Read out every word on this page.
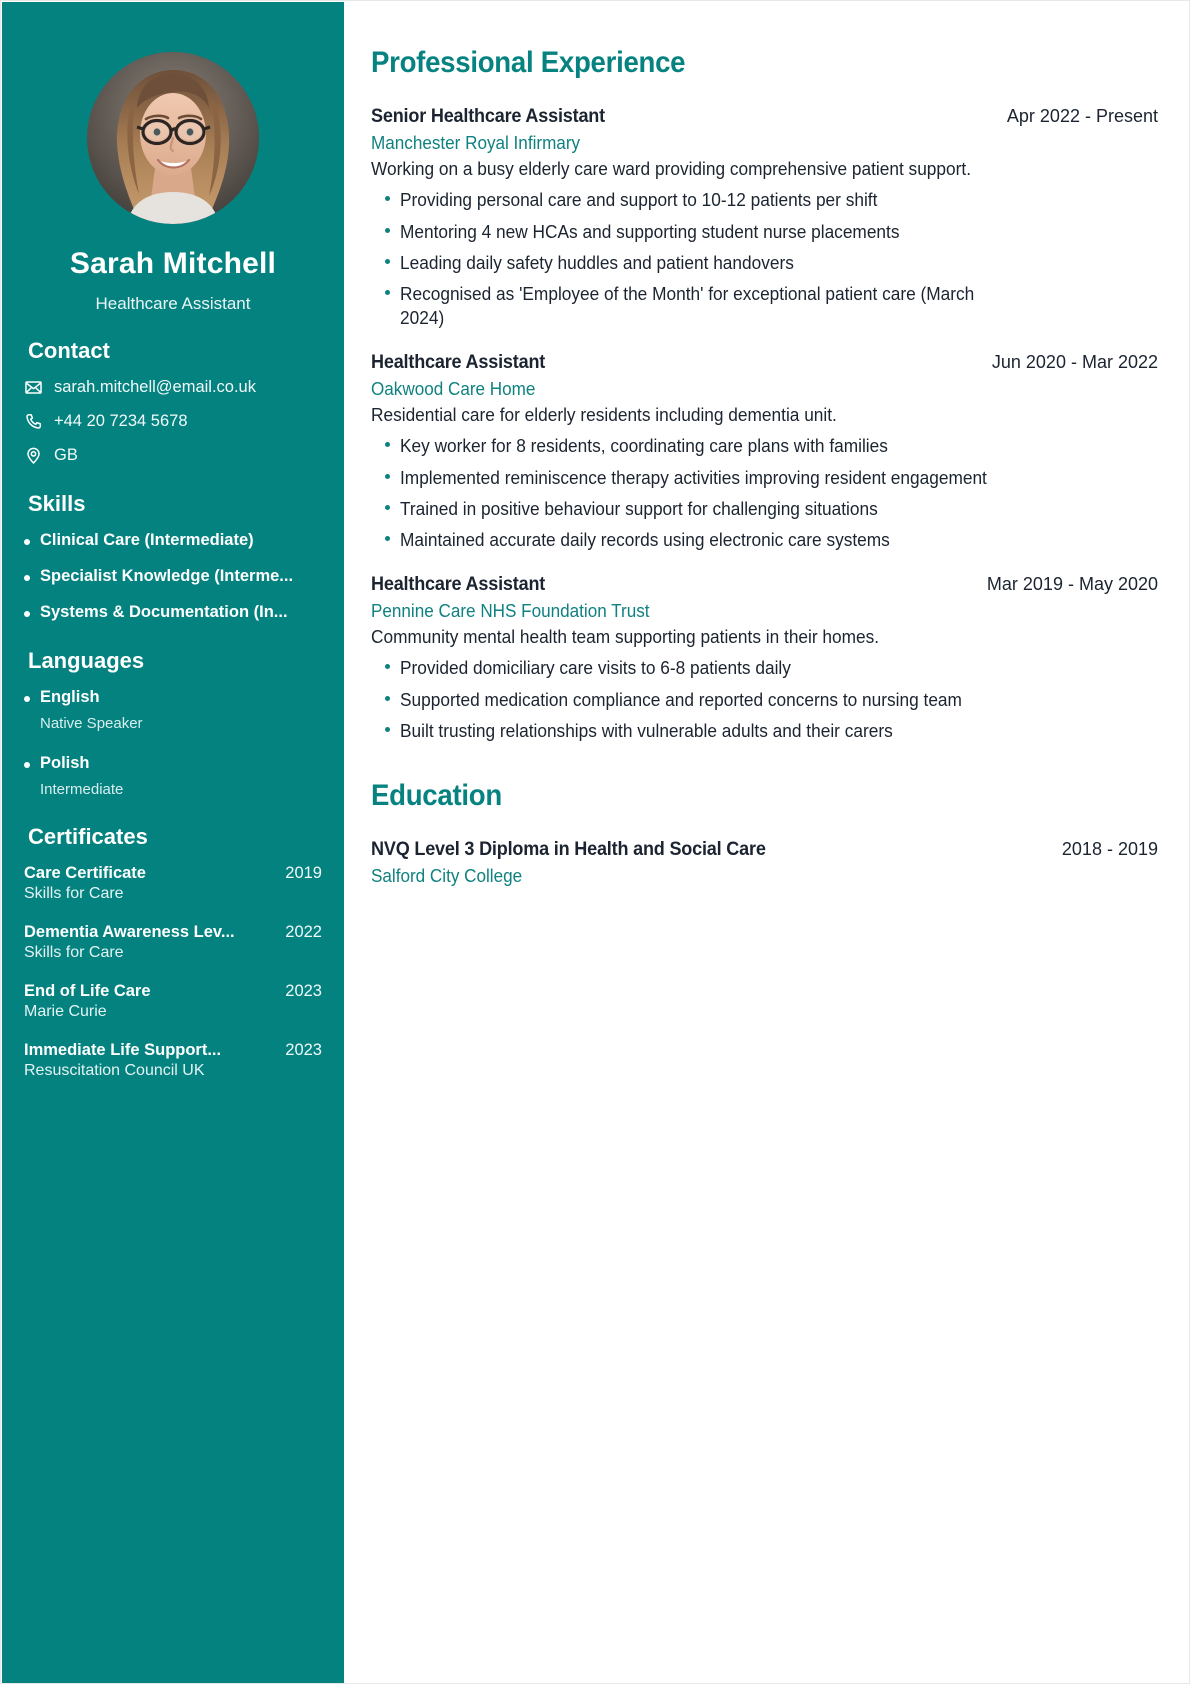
Sarah Mitchell
Healthcare Assistant
Contact
sarah.mitchell@email.co.uk
+44 20 7234 5678
GB
Skills
Clinical Care (Intermediate)
Specialist Knowledge (Interme...
Systems & Documentation (In...
Languages
English
Native Speaker
Polish
Intermediate
Certificates
Care Certificate	2019
Skills for Care
Dementia Awareness Lev...	2022
Skills for Care
End of Life Care	2023
Marie Curie
Immediate Life Support...	2023
Resuscitation Council UK
Professional Experience
Senior Healthcare Assistant	Apr 2022 - Present
Manchester Royal Infirmary
Working on a busy elderly care ward providing comprehensive patient support.
Providing personal care and support to 10-12 patients per shift
Mentoring 4 new HCAs and supporting student nurse placements
Leading daily safety huddles and patient handovers
Recognised as 'Employee of the Month' for exceptional patient care (March 2024)
Healthcare Assistant	Jun 2020 - Mar 2022
Oakwood Care Home
Residential care for elderly residents including dementia unit.
Key worker for 8 residents, coordinating care plans with families
Implemented reminiscence therapy activities improving resident engagement
Trained in positive behaviour support for challenging situations
Maintained accurate daily records using electronic care systems
Healthcare Assistant	Mar 2019 - May 2020
Pennine Care NHS Foundation Trust
Community mental health team supporting patients in their homes.
Provided domiciliary care visits to 6-8 patients daily
Supported medication compliance and reported concerns to nursing team
Built trusting relationships with vulnerable adults and their carers
Education
NVQ Level 3 Diploma in Health and Social Care	2018 - 2019
Salford City College
